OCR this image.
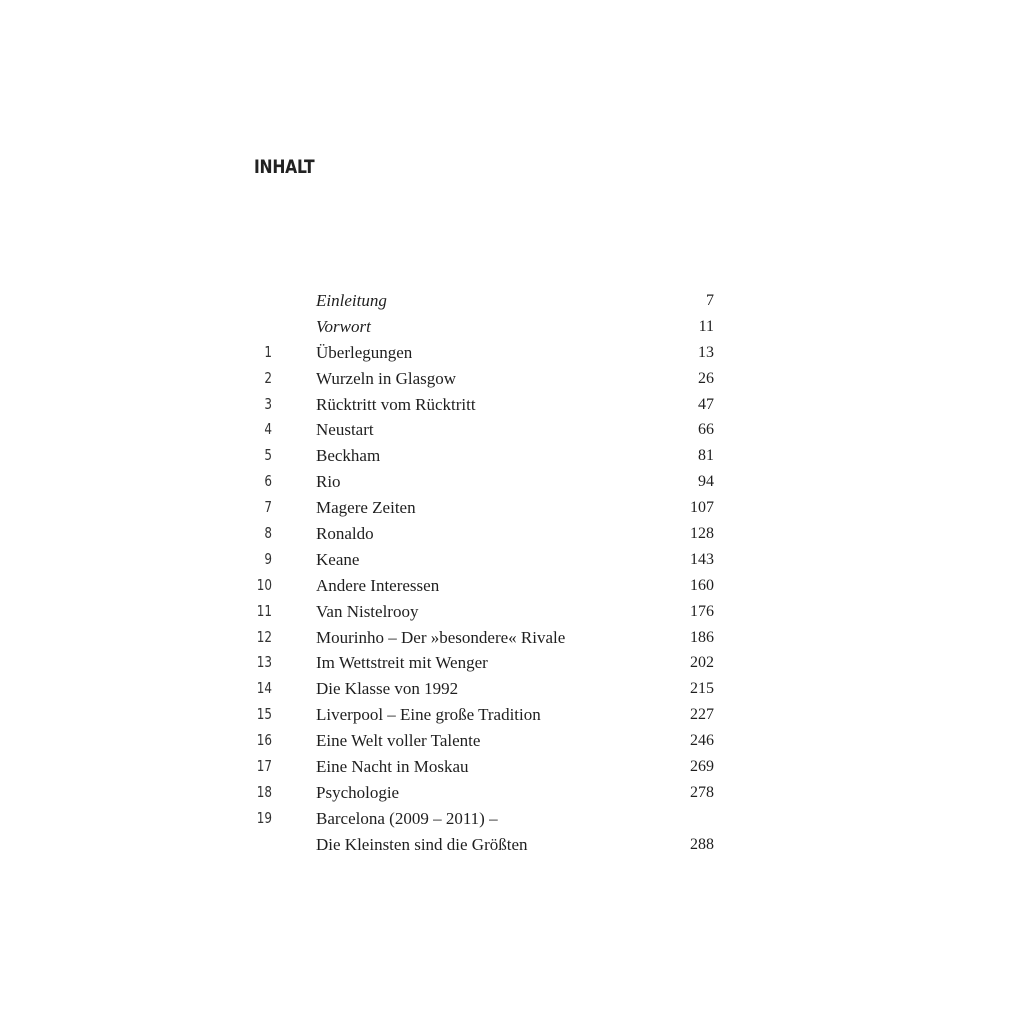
INHALT
Einleitung	7
Vorwort	11
1	Überlegungen	13
2	Wurzeln in Glasgow	26
3	Rücktritt vom Rücktritt	47
4	Neustart	66
5	Beckham	81
6	Rio	94
7	Magere Zeiten	107
8	Ronaldo	128
9	Keane	143
10	Andere Interessen	160
11	Van Nistelrooy	176
12	Mourinho – Der »besondere« Rivale	186
13	Im Wettstreit mit Wenger	202
14	Die Klasse von 1992	215
15	Liverpool – Eine große Tradition	227
16	Eine Welt voller Talente	246
17	Eine Nacht in Moskau	269
18	Psychologie	278
19	Barcelona (2009 – 2011) –
Die Kleinsten sind die Größten	288
